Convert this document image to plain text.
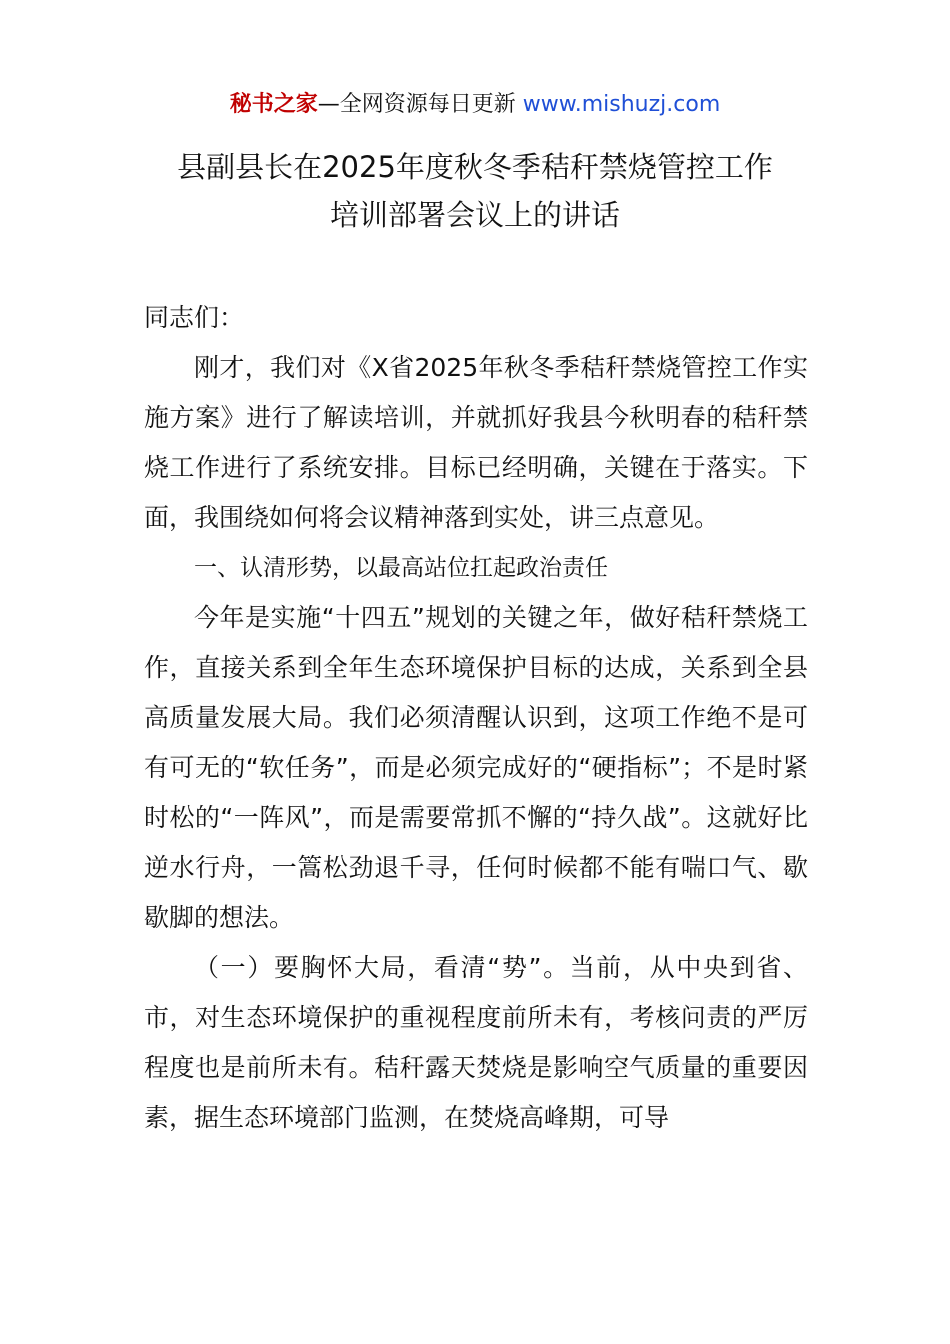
秘书之家—全网资源每日更新 www.mishuzj.com
县副县长在2025年度秋冬季秸秆禁烧管控工作
培训部署会议上的讲话

同志们：

刚才，我们对《X省2025年秋冬季秸秆禁烧管控工作实施方案》进行了解读培训，并就抓好我县今秋明春的秸秆禁烧工作进行了系统安排。目标已经明确，关键在于落实。下面，我围绕如何将会议精神落到实处，讲三点意见。

一、认清形势，以最高站位扛起政治责任

今年是实施“十四五”规划的关键之年，做好秸秆禁烧工作，直接关系到全年生态环境保护目标的达成，关系到全县高质量发展大局。我们必须清醒认识到，这项工作绝不是可有可无的“软任务”，而是必须完成好的“硬指标”；不是时紧时松的“一阵风”，而是需要常抓不懈的“持久战”。这就好比逆水行舟，一篙松劲退千寻，任何时候都不能有喘口气、歇歇脚的想法。

（一）要胸怀大局，看清“势”。当前，从中央到省、市，对生态环境保护的重视程度前所未有，考核问责的严厉程度也是前所未有。秸秆露天焚烧是影响空气质量的重要因素，据生态环境部门监测，在焚烧高峰期，可导
